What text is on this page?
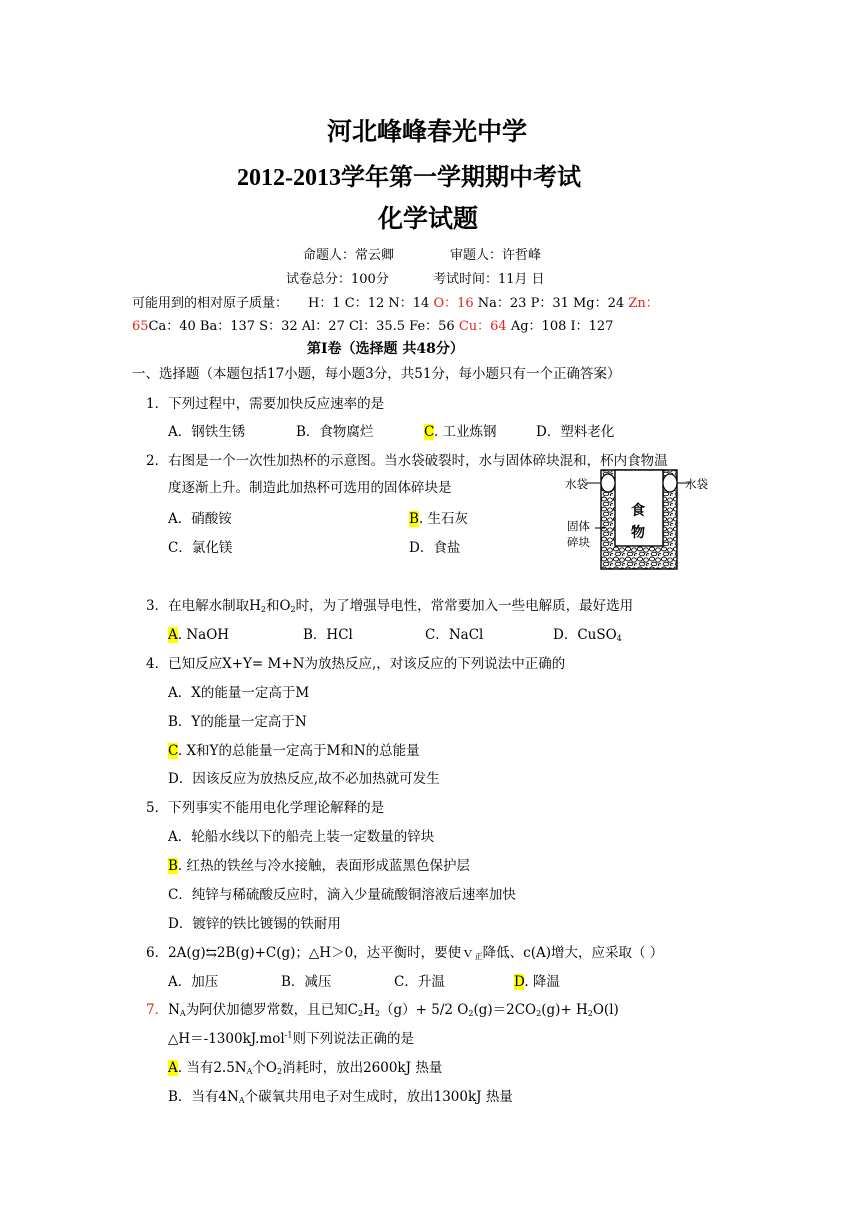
河北峰峰春光中学
2012-2013学年第一学期期中考试
化学试题
命题人：常云卿	审题人：许哲峰
试卷总分：100分	考试时间：11月 日
可能用到的相对原子质量： H：1 C：12 N：14 O：16 Na：23 P：31 Mg：24 Zn：
65Ca：40 Ba：137 S：32 Al：27 Cl：35.5 Fe：56 Cu：64 Ag：108 I：127
第Ⅰ卷（选择题 共48分）
一、选择题（本题包括17小题，每小题3分，共51分，每小题只有一个正确答案）
1．下列过程中，需要加快反应速率的是
A．钢铁生锈	B．食物腐烂	C. 工业炼钢	D．塑料老化
2．右图是一个一次性加热杯的示意图。当水袋破裂时，水与固体碎块混和，杯内食物温
度逐渐上升。制造此加热杯可选用的固体碎块是
A．硝酸铵	B. 生石灰
C．氯化镁	D．食盐
水袋	水袋
食
物
固体
碎块
3．在电解水制取$H_2$和$O_2$时，为了增强导电性，常常要加入一些电解质，最好选用
A. NaOH	B．HCl	C．NaCl	D．CuSO$_4$
4．已知反应X+Y= M+N为放热反应,，对该反应的下列说法中正确的
A．X的能量一定高于M
B．Y的能量一定高于N
C. X和Y的总能量一定高于M和N的总能量
D．因该反应为放热反应,故不必加热就可发生
5．下列事实不能用电化学理论解释的是
A．轮船水线以下的船壳上装一定数量的锌块
B. 红热的铁丝与冷水接触，表面形成蓝黑色保护层
C．纯锌与稀硫酸反应时，滴入少量硫酸铜溶液后速率加快
D．镀锌的铁比镀锡的铁耐用
6．2A(g)⇆2B(g)+C(g)；△H＞0，达平衡时，要使ｖ$_正$降低、c(A)增大，应采取（ ）
A．加压	B．减压	C．升温	D. 降温
7．$N_A$为阿伏加德罗常数，且已知$C_2H_2(g)+ 5/2$ $O_2(g)=2CO_2(g)+ H_2O(l)$
△H＝-1300kJ.mol$^{-1}$则下列说法正确的是
A. 当有$2.5N_A$个$O_2$消耗时，放出2600kJ 热量
B．当有$4N_A$个碳氧共用电子对生成时，放出1300kJ 热量
